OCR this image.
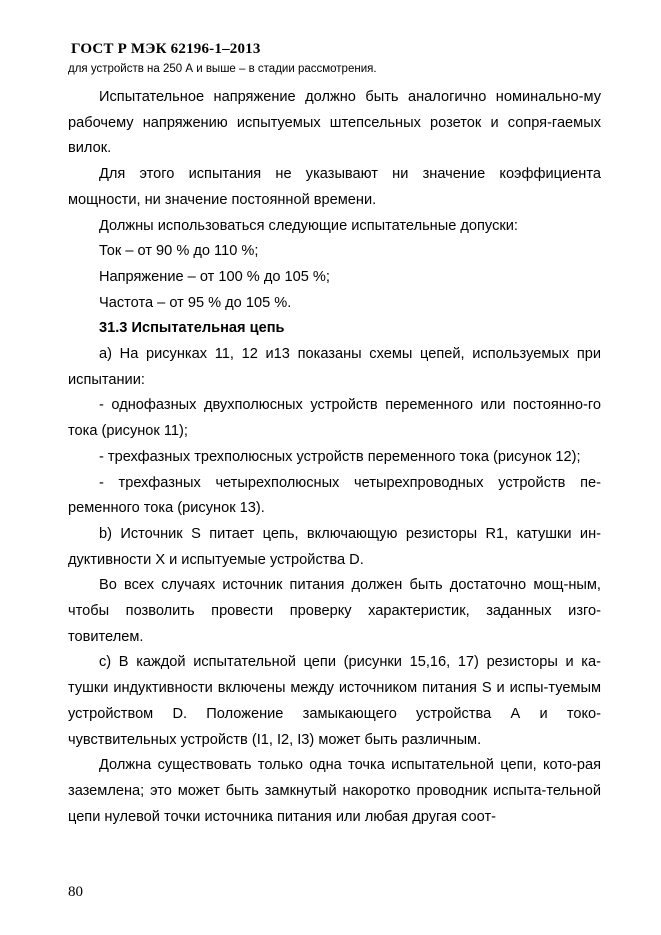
ГОСТ Р МЭК 62196-1–2013

для устройств на 250 А и выше – в стадии рассмотрения.

Испытательное напряжение должно быть аналогично номинально-му рабочему напряжению испытуемых штепсельных розеток и сопря-гаемых вилок.

Для этого испытания не указывают ни значение коэффициента мощности, ни значение постоянной времени.

Должны использоваться следующие испытательные допуски:

Ток – от 90 % до 110 %;

Напряжение – от 100 % до 105 %;

Частота – от 95 % до 105 %.

31.3 Испытательная цепь

а) На рисунках 11, 12 и13 показаны схемы цепей, используемых при испытании:

- однофазных двухполюсных устройств переменного или постоянно-го тока (рисунок 11);

- трехфазных трехполюсных устройств переменного тока (рисунок 12);

- трехфазных четырехполюсных четырехпроводных устройств пе-ременного тока (рисунок 13).

b) Источник S питает цепь, включающую резисторы R1, катушки ин-дуктивности X и испытуемые устройства D.

Во всех случаях источник питания должен быть достаточно мощ-ным, чтобы позволить провести проверку характеристик, заданных изго-товителем.

с) В каждой испытательной цепи (рисунки 15,16, 17) резисторы и ка-тушки индуктивности включены между источником питания S и испы-туемым устройством D. Положение замыкающего устройства А и токо-чувствительных устройств (I1, I2, I3) может быть различным.

Должна существовать только одна точка испытательной цепи, кото-рая заземлена; это может быть замкнутый накоротко проводник испыта-тельной цепи нулевой точки источника питания или любая другая соот-

80
